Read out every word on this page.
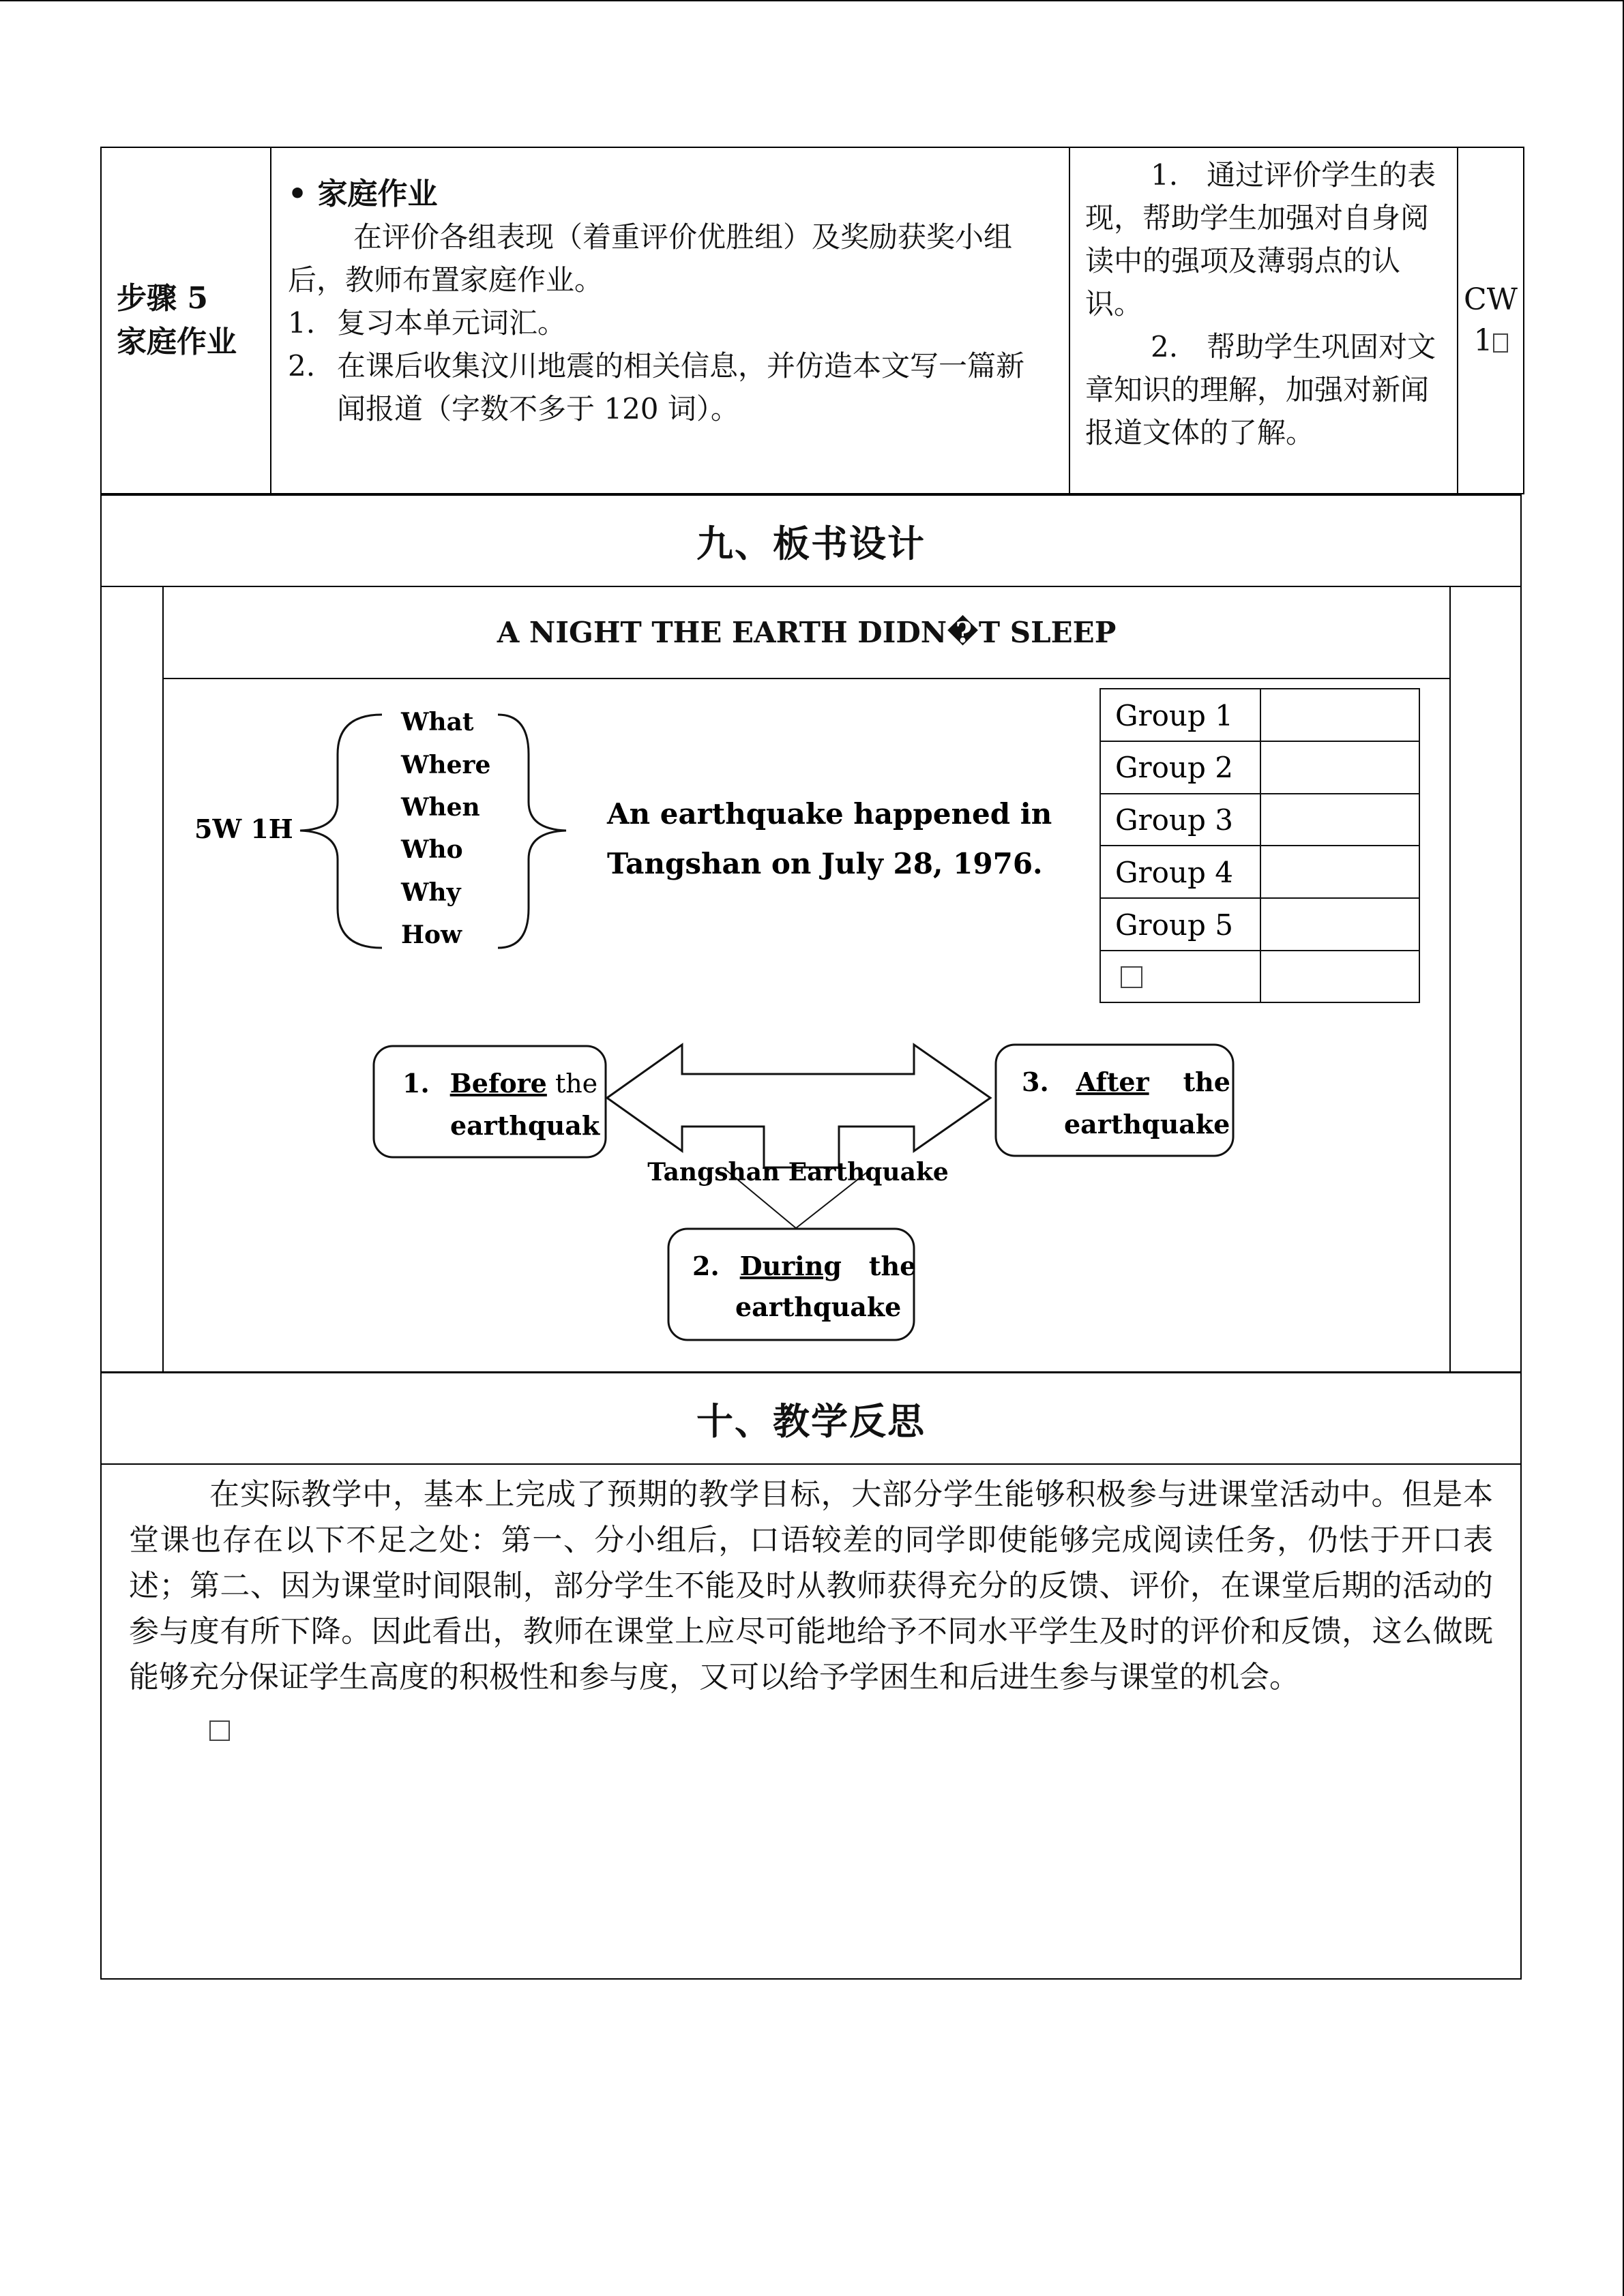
步骤 5
家庭作业
• 家庭作业
在评价各组表现（着重评价优胜组）及奖励获奖小组后，教师布置家庭作业。
1. 复习本单元词汇。
2. 在课后收集汶川地震的相关信息，并仿造本文写一篇新闻报道（字数不多于 120 词）。
1.　通过评价学生的表现，帮助学生加强对自身阅读中的强项及薄弱点的认识。
2.　帮助学生巩固对文章知识的理解，加强对新闻报道文体的了解。
CW
1
九、板书设计
A NIGHT THE EARTH DIDN�T SLEEP
5W 1H
What
Where
When
Who
Why
How
An earthquake happened in
Tangshan on July 28, 1976.
Group 1
Group 2
Group 3
Group 4
Group 5
1. Before the
earthquak
3. After the
earthquake
Tangshan Earthquake
2. During the
earthquake
十、教学反思

在实际教学中，基本上完成了预期的教学目标，大部分学生能够积极参与进课堂活动中。但是本堂课也存在以下不足之处：第一、分小组后，口语较差的同学即使能够完成阅读任务，仍怯于开口表述；第二、因为课堂时间限制，部分学生不能及时从教师获得充分的反馈、评价，在课堂后期的活动的参与度有所下降。因此看出，教师在课堂上应尽可能地给予不同水平学生及时的评价和反馈，这么做既能够充分保证学生高度的积极性和参与度，又可以给予学困生和后进生参与课堂的机会。
